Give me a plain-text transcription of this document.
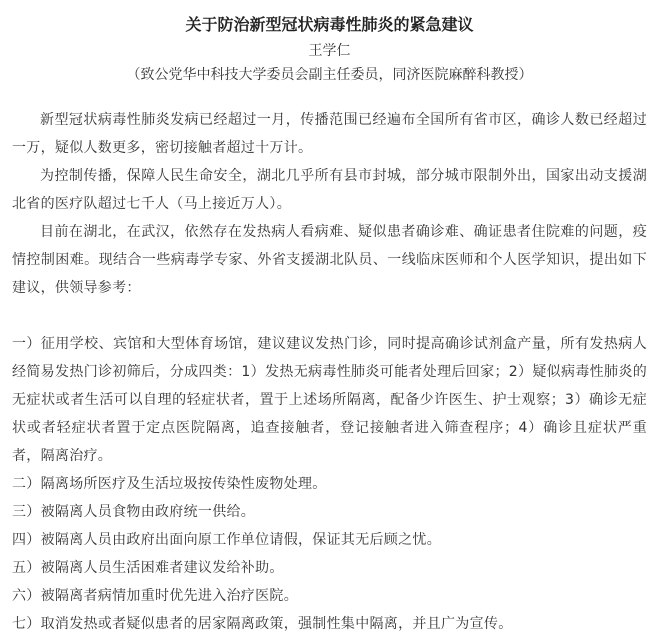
关于防治新型冠状病毒性肺炎的紧急建议
王学仁
（致公党华中科技大学委员会副主任委员，同济医院麻醉科教授）

新型冠状病毒性肺炎发病已经超过一月，传播范围已经遍布全国所有省市区，确诊人数已经超过一万，疑似人数更多，密切接触者超过十万计。

为控制传播，保障人民生命安全，湖北几乎所有县市封城，部分城市限制外出，国家出动支援湖北省的医疗队超过七千人（马上接近万人）。

目前在湖北，在武汉，依然存在发热病人看病难、疑似患者确诊难、确证患者住院难的问题，疫情控制困难。现结合一些病毒学专家、外省支援湖北队员、一线临床医师和个人医学知识，提出如下建议，供领导参考：

一）征用学校、宾馆和大型体育场馆，建议建议发热门诊，同时提高确诊试剂盒产量，所有发热病人经简易发热门诊初筛后，分成四类：1）发热无病毒性肺炎可能者处理后回家；2）疑似病毒性肺炎的无症状或者生活可以自理的轻症状者，置于上述场所隔离，配备少许医生、护士观察；3）确诊无症状或者轻症状者置于定点医院隔离，追查接触者，登记接触者进入筛查程序；4）确诊且症状严重者，隔离治疗。

二）隔离场所医疗及生活垃圾按传染性废物处理。

三）被隔离人员食物由政府统一供给。

四）被隔离人员由政府出面向原工作单位请假，保证其无后顾之忧。

五）被隔离人员生活困难者建议发给补助。

六）被隔离者病情加重时优先进入治疗医院。

七）取消发热或者疑似患者的居家隔离政策，强制性集中隔离，并且广为宣传。
